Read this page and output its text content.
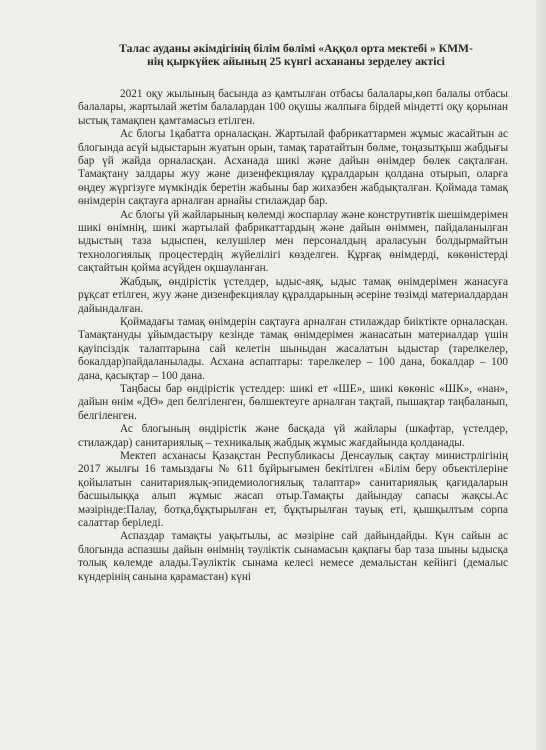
Талас ауданы әкімдігінің білім бөлімі «Аққол орта мектебі » КММ-
нің қыркүйек айының 25 күнгі асхананы зерделеу актісі

2021 оқу жылының басында аз қамтылған отбасы балалары,көп балалы отбасы балалары, жартылай жетім балалардан 100 оқушы жалпыға бірдей міндетті оқу қорынан ыстық тамақпен қамтамасыз етілген.

Ас блогы 1қабатта орналасқан. Жартылай фабрикаттармен жұмыс жасайтын ас блогында асүй ыдыстарын жуатын орын, тамақ таратайтын бөлме, тоңазытқыш жабдығы бар үй жайда орналасқан. Асханада шикі және дайын өнімдер бөлек сақталған. Тамақтану залдары жуу және дизенфекциялау құралдарын қолдана отырып, оларға өңдеу жүргізуге мүмкіндік беретін жабыны бар жихазбен жабдықталған. Қоймада тамақ өнімдерін сақтауға арналған арнайы стилаждар бар.

Ас блогы үй жайларының көлемді жоспарлау және конструтивтік шешімдерімен шикі өнімнің, шикі жартылай фабрикаттардың және дайын өніммен, пайдаланылған ыдыстың таза ыдыспен, келушілер мен персоналдың араласуын болдырмайтын технологиялық процестердің жүйелілігі көзделген. Құрғақ өнімдерді, көкөністерді сақтайтын қойма асүйден оқшауланған.

Жабдық, өндірістік үстелдер, ыдыс-аяқ, ыдыс тамақ өнімдерімен жанасуға рұқсат етілген, жуу және дизенфекциялау құралдарының әсеріне төзімді материалдардан дайындалған.

Қоймадағы тамақ өнімдерін сақтауға арналған стилаждар биіктікте орналасқан. Тамақтануды ұйымдастыру кезінде тамақ өнімдерімен жанасатын материалдар үшін қауіпсіздік талаптарына сай келетін шыныдан жасалатын ыдыстар (тарелкелер, бокалдар)пайдаланылады. Асхана аспаптары: тарелкелер – 100 дана, бокалдар – 100 дана, қасықтар – 100 дана.

Таңбасы бар өндірістік үстелдер: шикі ет «ШЕ», шикі көкөніс «ШК», «нан», дайын өнім «ДӨ» деп белгіленген, бөлшектеуге арналған тақтай, пышақтар таңбаланып, белгіленген.

Ас блогының өндірістік және басқада үй жайлары (шкафтар, үстелдер, стилаждар) санитариялық – техникалық жабдық жұмыс жағдайында қолданады.

Мектеп асханасы Қазақстан Республикасы Денсаулық сақтау министрлігінің 2017 жылғы 16 тамыздағы № 611 бұйрығымен бекітілген «Білім беру объектілеріне қойылатын санитариялық-эпидемиологиялық талаптар» санитариялық қағидаларын басшылыққа алып жұмыс жасап отыр.Тамақты дайындау сапасы жақсы.Ас мәзірінде:Палау, ботқа,бұқтырылған ет, бұқтырылған тауық еті, қышқылтым сорпа салаттар беріледі.

Аспаздар тамақты уақытылы, ас мәзіріне сай дайындайды. Күн сайын ас блогында аспазшы дайын өнімнің тәуліктік сынамасын қақпағы бар таза шыны ыдысқа толық көлемде алады.Тәуліктік сынама келесі немесе демалыстан кейінгі (демалыс күндерінің санына қарамастан) күні
